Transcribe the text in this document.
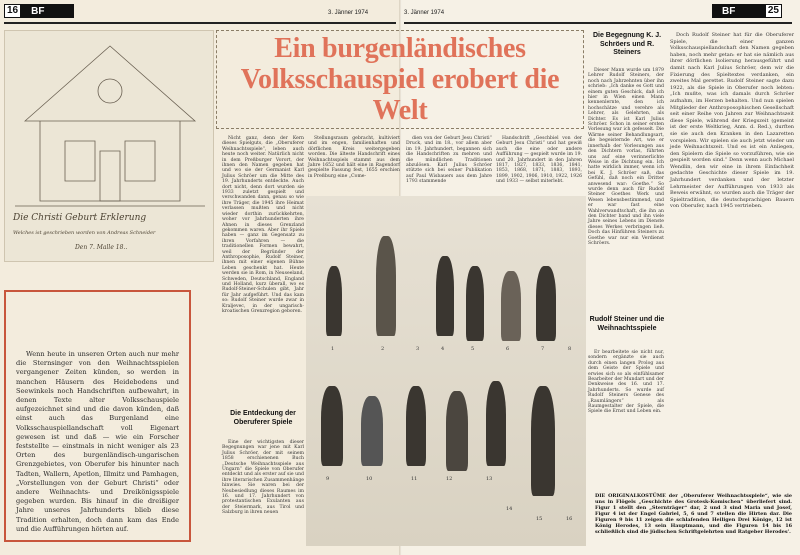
16	BF	3. Jänner 1974	3. Jänner 1974	BF	25
Die Christi Geburt Erklerung
Welches ist geschrieben worden von Andreas Schneider
Den 7. Malle 18..
Ein burgenländisches Volksschauspiel erobert die Welt
Wenn heute in unseren Orten auch nur mehr die Sternsinger von den Weihnachtsspielen vergangener Zeiten künden, so werden in manchen Häusern des Heidebodens und Seewinkels noch Handschriften aufbewahrt, in denen Texte alter Volksschauspiele aufgezeichnet sind und die davon künden, daß einst auch das Burgenland eine Volksschauspiellandschaft voll Eigenart gewesen ist und daß — wie ein Forscher feststellte — einstmals in nicht weniger als 23 Orten des burgenländisch-ungarischen Grenzgebietes, von Oberufer bis hinunter nach Tadten, Wallern, Apetlon, Illmitz und Pamhagen, „Vorstellungen von der Geburt Christi“ oder andere Weihnachts- und Dreikönigsspiele gegeben wurden. Bis hinauf in die dreißiger Jahre unseres Jahrhunderts blieb diese Tradition erhalten, doch dann kam das Ende und die Aufführungen hörten auf.
Nicht ganz, denn der Kern dieses Spielguts, die „Oberuferer Weihnachtsspiele“, leben auch heute noch weiter. Natürlich nicht in dem Preßburger Vorort, der ihnen den Namen gegeben hat und wo sie der Germanist Karl Julius Schröer um die Mitte des 19. Jahrhunderts entdeckte. Auch dort nicht, denn dort wurden sie 1933 zuletzt gespielt und verschwanden dann, genau so wie ihre Träger, die 1945 ihre Heimat verlassen mußten und nicht wieder dorthin zurückkehrten, woher vor Jahrhunderten ihre Ahnen in dieses Grenzland gekommen waren. Aber ihr Spiele haben — ganz im Gegensatz zu ihren Vorfahren — die traditionellen Formen bewahrt, weil der Begründer der Anthroposophie, Rudolf Steiner, ihnen mit einer eigenen Bühne Leben geschenkt hat. Heute werden sie in Rom, in Neuseeland, Schweden, Deutschland, England und Holland, kurz überall, wo es Rudolf-Steiner-Schulen gibt, Jahr für Jahr aufgeführt. Und das kam so: Rudolf Steiner wurde zwar in Kraljevec, in der ungarisch-kroatischen Grenzregion geboren.
Die Entdeckung der Oberuferer Spiele
Eine der wichtigsten dieser Begegnungen war jene mit Karl Julius Schröer, der mit seinem 1858 erschienenen Buch „Deutsche Weihnachtsspiele aus Ungarn“ die Spiele von Oberufer entdeckt und als erster auf sie und ihre literarischen Zusammenhänge hinwies. Sie waren bei der Neubesiedlung dieses Raumes im 16. und 17. Jahrhundert von protestantischen Exulanten aus der Steiermark, aus Tirol und Salzburg in ihren neuen
Stellungsraum gebracht, kultiviert und im engen, familienhaften und dörflichen Kreis weitergegeben worden. Die älteste Handschrift eines Weihnachtsspiels stammt aus dem Jahre 1652 und hält eine in Ragendorf gespielte Fassung fest, 1655 erschien in Preßburg eine „Come-
dien von der Geburt Jesu Christi“ Druck, und im 18., vor allem aber im 19. Jahrhundert, begannen sich die Handschriften zu mehren und die mündlichen Traditionen abzulösen. Karl Julius Schröer stützte sich bei seiner Publikation auf Paul Wisbauers aus dem Jahre 1793 stammende
Handschrift „Geschbiel von der Geburt Jesu Christi“ und hat gewiß auch die eine oder andere Aufführung — gespielt wurde im 19. und 20. Jahrhundert in den Jahren 1817, 1827, 1833, 1836, 1841, 1853, 1868, 1871, 1883, 1893, 1899, 1902, 1906, 1910, 1922, 1926 und 1933 — selbst miterlebt.
1	2	3	4	5	6	7	8
9	10	11	12	13
14
15	16
Die Begegnung K. J. Schröers und R. Steiners
Dieser Mann wurde um 1879 Lehrer Rudolf Steiners, der noch nach Jahrzehnten über ihn schrieb: „Ich danke es Gott und einem guten Geschick, daß ich hier in Wien einen Mann kennenlernte, den ich hochschätze und verehre als Lehrer, als Gelehrten, als Dichter. Es ist Karl Julius Schröer. Schon in seiner ersten Vorlesung war ich gefesselt. Die Wärme seiner Behandlungsart, die begeisternde Art, wie er innerhalb der Vorlesungen aus den Dichtern vorlas, führten uns auf eine verinnerlichte Weise in die Dichtung ein. Ich hatte wirklich immer, wenn ich bei K. J. Schröer saß, das Gefühl, daß noch ein Dritter anwesend war: Goethe.“ So wurde denn auch für Rudolf Steiner Goethes Werk und Wesen lebensbestimmend, und er war fast eine Wahlverwandtschaft, die ihn an den Dichter band und ihn viele Jahre seines Lebens im Dienste dieses Werkes verbringen ließ. Doch das Hinführen Steiners zu Goethe war nur ein Verdienst Schröers.
Rudolf Steiner und die Weihnachtsspiele
Er bearbeitete sie nicht nur, sondern ergänzte sie auch durch einen langen Prolog aus dem Geiste der Spiele und erwies sich so als einfühlsamer Bearbeiter der Mundart und der Denkweise des 16. und 17. Jahrhunderts. So wurde auf Rudolf Steiners Genese des „Raumlängers“ als Raumgestalter der Spiele, die Spiele die Ernst und Leben ein.
Doch Rudolf Steiner hat für die Oberuferer Spiele, die einer ganzen Volksschauspiellandschaft den Namen gegeben haben, noch mehr getan: er hat sie nämlich aus ihrer dörflichen Isolierung herausgeführt und damit nach Karl Julius Schröer, dem wir die Fixierung des Spieltextes verdanken, ein zweites Mal gerettet. Rudolf Steiner sagte dazu 1922, als die Spiele in Oberufer noch lebten: „Ich mußte, was ich damals durch Schröer aufnahm, im Herzen behalten. Und nun spielen Mitglieder der Anthroposophischen Gesellschaft seit einer Reihe von Jahren zur Weihnachtszeit diese Spiele, während der Kriegszeit (gemeint ist der erste Weltkrieg, Anm. d. Red.), durften sie sie auch den Kranken in den Lazaretten vorspielen. Wir spielen sie auch jetzt wieder um jede Weihnachtszeit. Und es ist ein Anliegen, den Spielern die Spiele so vorzuführen, wie sie gespielt worden sind.“ Denn wenn auch Michael Wendlin, den wir eine in ihrem Einfachheit gedachte Geschichte dieser Spiele im 19. Jahrhundert verdanken und der letzter Lehrmeister der Aufführungen von 1933 als Beweis erwähnt, so wurden auch die Träger der Spieltradition, die deutschsprachigen Bauern von Oberufer, nach 1945 vertrieben.
DIE ORIGINALKOSTÜME der „Oberuferer Weihnachtsspiele“, wie sie uns in Flögels „Geschichte des Grotesk-Komischen“ überliefert sind. Figur 1 stellt den „Sternträger“ dar, 2 und 3 sind Maria und Josef, Figur 4 ist der Engel Gabriel, 5, 6 und 7 stellen die Hirten dar. Die Figuren 9 bis 11 zeigen die schlafenden Heiligen Drei Könige, 12 ist König Herodes, 13 sein Hauptmann, und die Figuren 14 bis 16 schließlich sind die jüdischen Schriftgelehrten und Ratgeber Herodes'.
